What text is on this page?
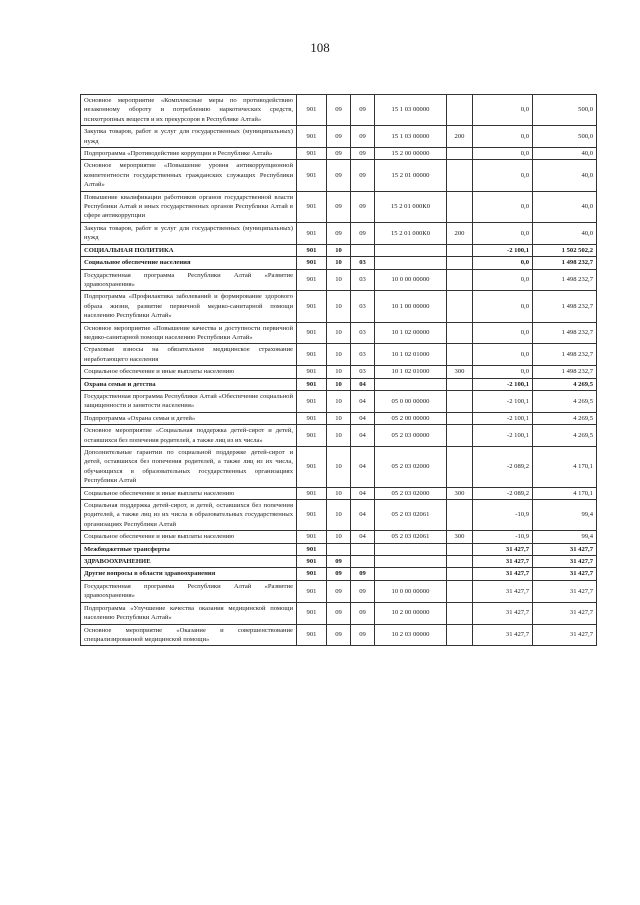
108
Основное мероприятие «Комплексные меры по противодействию незаконному обороту и потреблению наркотических средств, психотропных веществ и их прекурсоров в Республике Алтай»	901	09	09	15 1 03 00000		0,0	500,0
Закупка товаров, работ и услуг для государственных (муниципальных) нужд	901	09	09	15 1 03 00000	200	0,0	500,0
Подпрограмма «Противодействие коррупции в Республике Алтай»	901	09	09	15 2 00 00000		0,0	40,0
Основное мероприятие «Повышение уровня антикоррупционной компетентности государственных гражданских служащих Республики Алтай»	901	09	09	15 2 01 00000		0,0	40,0
Повышение квалификации работников органов государственной власти Республики Алтай и иных государственных органов Республики Алтай в сфере антикоррупции	901	09	09	15 2 01 000К0		0,0	40,0
Закупка товаров, работ и услуг для государственных (муниципальных) нужд	901	09	09	15 2 01 000К0	200	0,0	40,0
СОЦИАЛЬНАЯ ПОЛИТИКА	901	10				-2 100,1	1 502 502,2
Социальное обеспечение населения	901	10	03			0,0	1 498 232,7
Государственная программа Республики Алтай «Развитие здравоохранения»	901	10	03	10 0 00 00000		0,0	1 498 232,7
Подпрограмма «Профилактика заболеваний и формирование здорового образа жизни, развитие первичной медико-санитарной помощи населению Республики Алтай»	901	10	03	10 1 00 00000		0,0	1 498 232,7
Основное мероприятие «Повышение качества и доступности первичной медико-санитарной помощи населению Республики Алтай»	901	10	03	10 1 02 00000		0,0	1 498 232,7
Страховые взносы на обязательное медицинское страхование неработающего населения	901	10	03	10 1 02 01000		0,0	1 498 232,7
Социальное обеспечение и иные выплаты населению	901	10	03	10 1 02 01000	300	0,0	1 498 232,7
Охрана семьи и детства	901	10	04			-2 100,1	4 269,5
Государственная программа Республики Алтай «Обеспечение социальной защищенности и занятости населения»	901	10	04	05 0 00 00000		-2 100,1	4 269,5
Подпрограмма «Охрана семьи и детей»	901	10	04	05 2 00 00000		-2 100,1	4 269,5
Основное мероприятие «Социальная поддержка детей-сирот и детей, оставшихся без попечения родителей, а также лиц из их числа»	901	10	04	05 2 03 00000		-2 100,1	4 269,5
Дополнительные гарантии по социальной поддержке детей-сирот и детей, оставшихся без попечения родителей, а также лиц из их числа, обучающихся в образовательных государственных организациях Республики Алтай	901	10	04	05 2 03 02000		-2 089,2	4 170,1
Социальное обеспечение и иные выплаты населению	901	10	04	05 2 03 02000	300	-2 089,2	4 170,1
Социальная поддержка детей-сирот, и детей, оставшихся без попечения родителей, а также лиц из их числа в образовательных государственных организациях Республики Алтай	901	10	04	05 2 03 02061		-10,9	99,4
Социальное обеспечение и иные выплаты населению	901	10	04	05 2 03 02061	300	-10,9	99,4
Межбюджетные трансферты	901					31 427,7	31 427,7
ЗДРАВООХРАНЕНИЕ	901	09				31 427,7	31 427,7
Другие вопросы в области здравоохранения	901	09	09			31 427,7	31 427,7
Государственная программа Республики Алтай «Развитие здравоохранения»	901	09	09	10 0 00 00000		31 427,7	31 427,7
Подпрограмма «Улучшение качества оказания медицинской помощи населению Республики Алтай»	901	09	09	10 2 00 00000		31 427,7	31 427,7
Основное мероприятие «Оказание и совершенствование специализированной медицинской помощи»	901	09	09	10 2 03 00000		31 427,7	31 427,7
